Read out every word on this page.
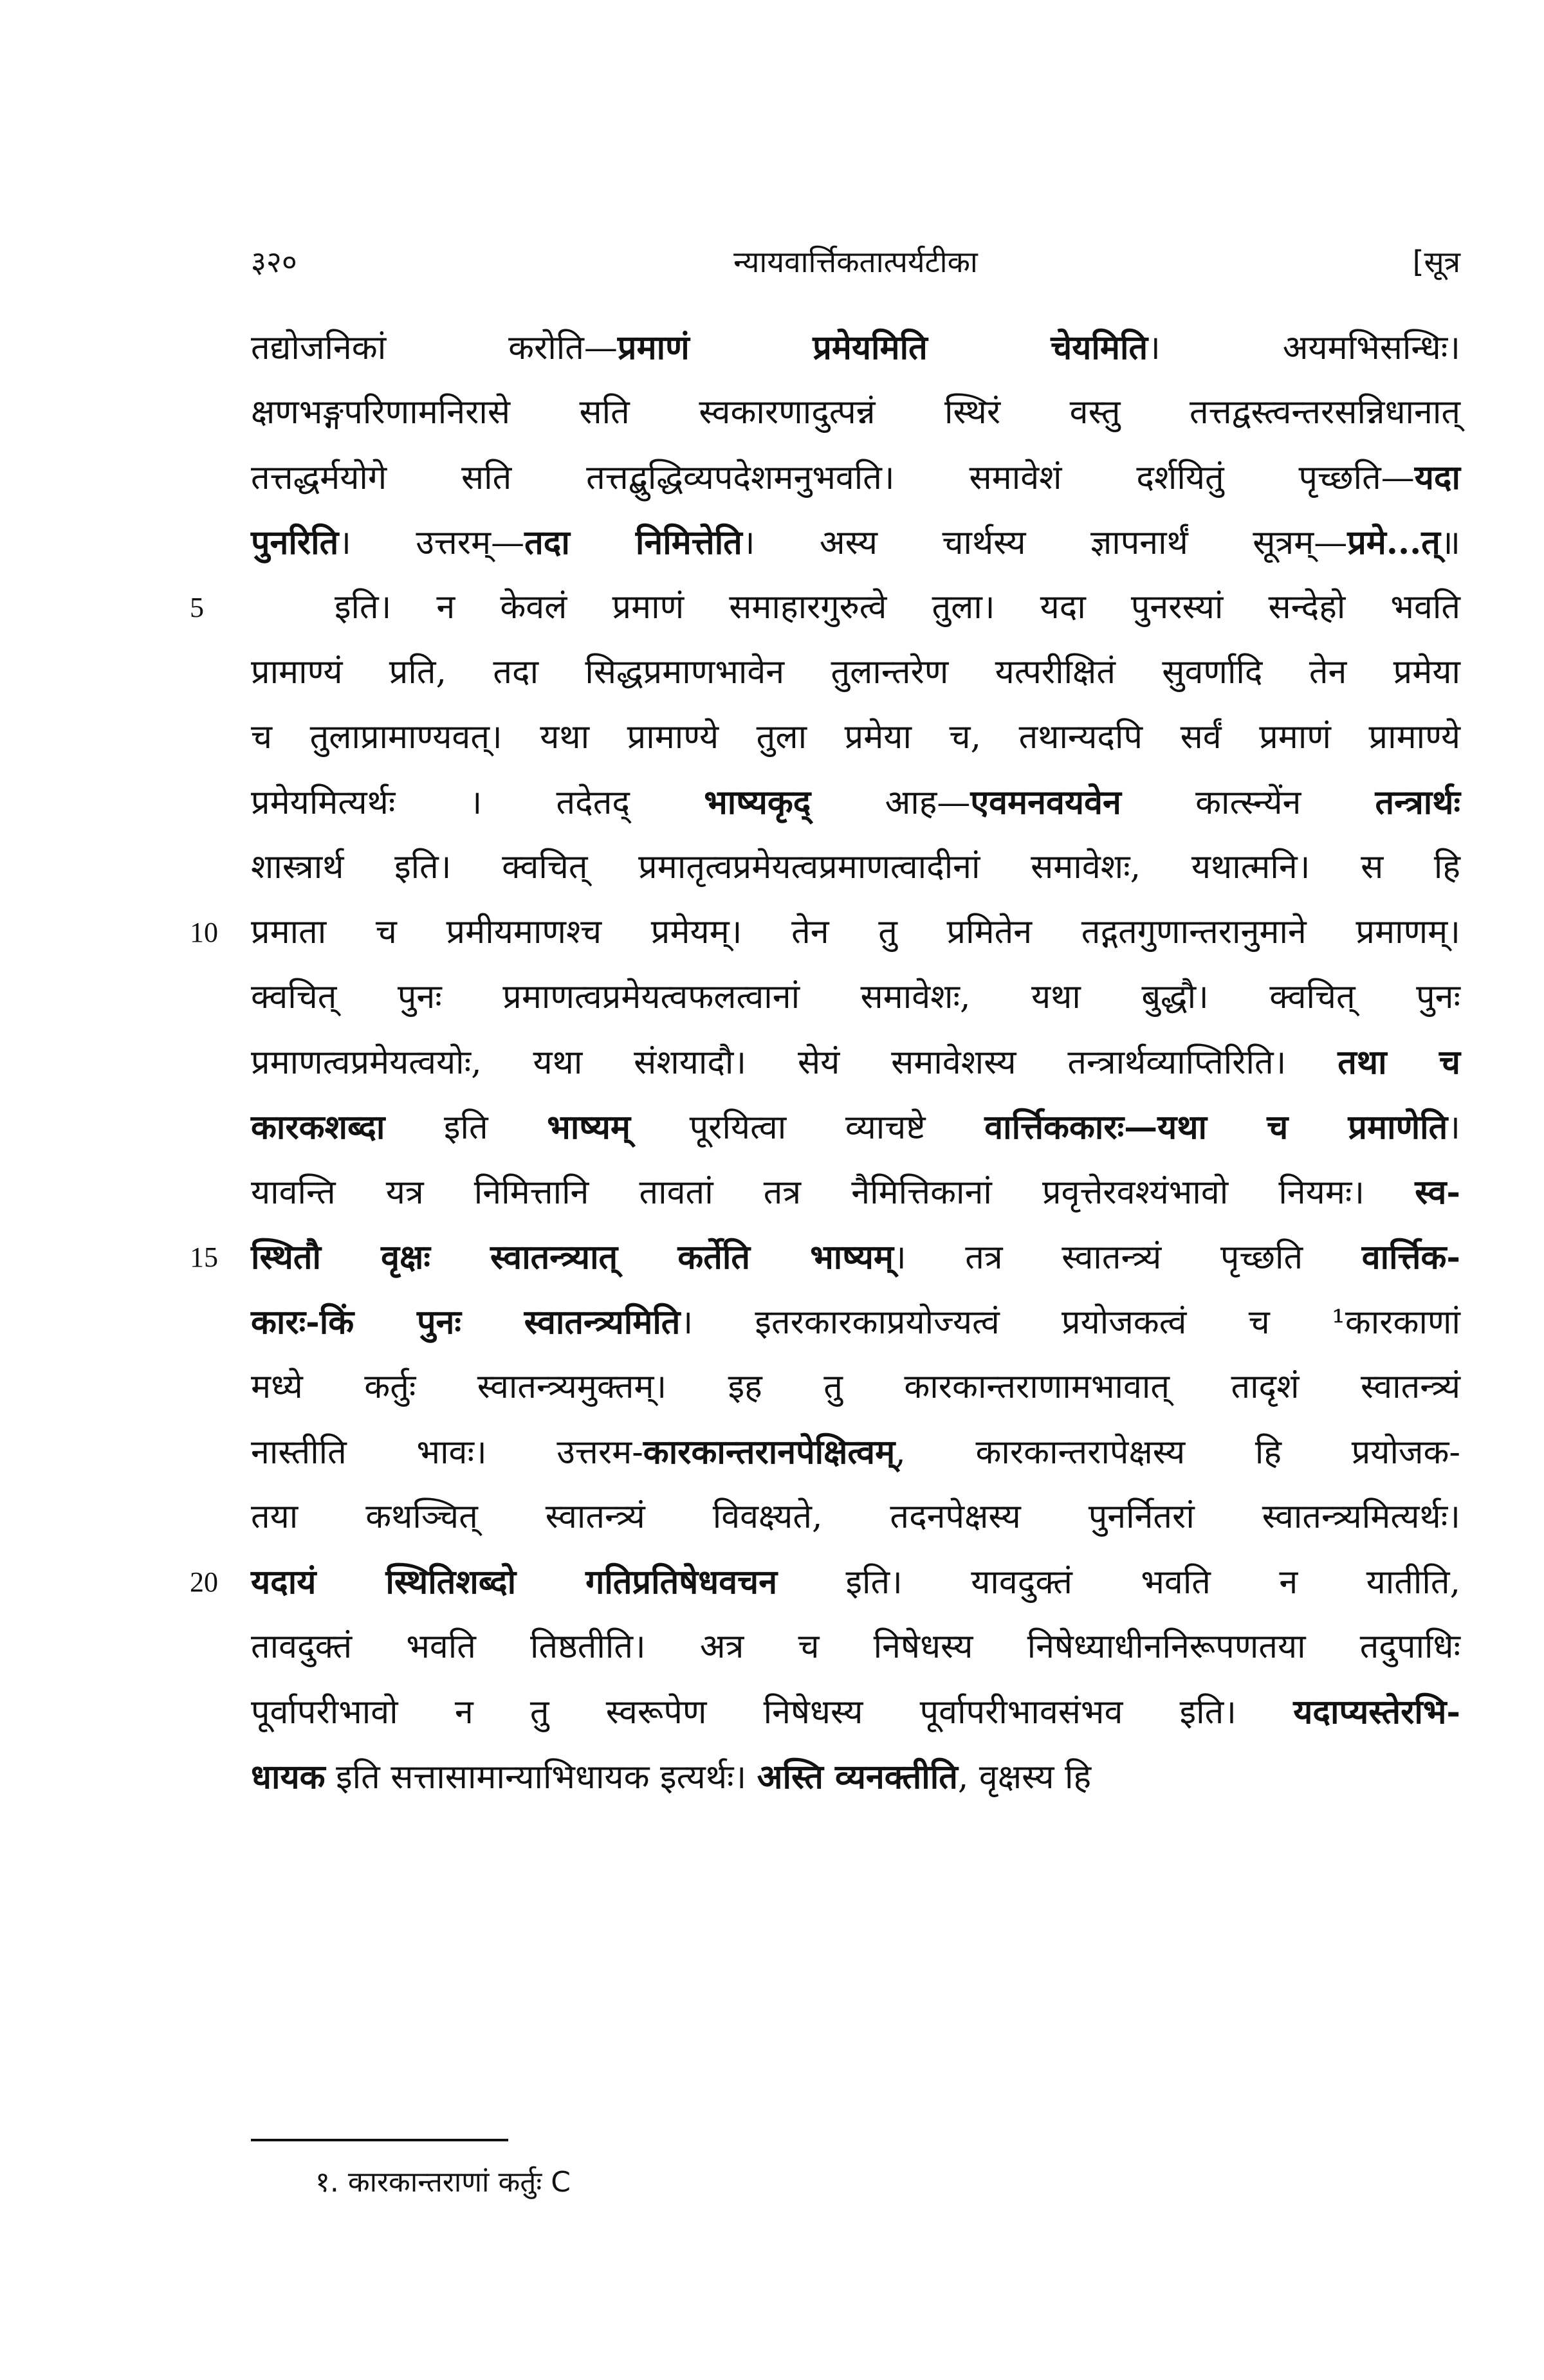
३२०	न्यायवार्त्तिकतात्पर्यटीका	[सूत्र
तद्योजनिकां करोति—प्रमाणं प्रमेयमिति चेयमिति। अयमभिसन्धिः।
क्षणभङ्गपरिणामनिरासे सति स्वकारणादुत्पन्नं स्थिरं वस्तु तत्तद्वस्त्वन्तरसन्निधानात्
तत्तद्धर्मयोगे सति तत्तद्बुद्धिव्यपदेशमनुभवति। समावेशं दर्शयितुं पृच्छति—यदा
पुनरिति। उत्तरम्—तदा निमित्तेति। अस्य चार्थस्य ज्ञापनार्थं सूत्रम्—प्रमे...त्॥
5	इति। न केवलं प्रमाणं समाहारगुरुत्वे तुला। यदा पुनरस्यां सन्देहो भवति
प्रामाण्यं प्रति, तदा सिद्धप्रमाणभावेन तुलान्तरेण यत्परीक्षितं सुवर्णादि तेन प्रमेया
च तुलाप्रामाण्यवत्। यथा प्रामाण्ये तुला प्रमेया च, तथान्यदपि सर्वं प्रमाणं प्रामाण्ये
प्रमेयमित्यर्थः । तदेतद् भाष्यकृद् आह—एवमनवयवेन कात्स्न्येंन तन्त्रार्थः
शास्त्रार्थ इति। क्वचित् प्रमातृत्वप्रमेयत्वप्रमाणत्वादीनां समावेशः, यथात्मनि। स हि
10 प्रमाता च प्रमीयमाणश्च प्रमेयम्। तेन तु प्रमितेन तद्गतगुणान्तरानुमाने प्रमाणम्।
क्वचित् पुनः प्रमाणत्वप्रमेयत्वफलत्वानां समावेशः, यथा बुद्धौ। क्वचित् पुनः
प्रमाणत्वप्रमेयत्वयोः, यथा संशयादौ। सेयं समावेशस्य तन्त्रार्थव्याप्तिरिति। तथा च
कारकशब्दा इति भाष्यम् पूरयित्वा व्याचष्टे वार्त्तिककारः—यथा च प्रमाणेति।
यावन्ति यत्र निमित्तानि तावतां तत्र नैमित्तिकानां प्रवृत्तेरवश्यंभावो नियमः। स्व-
15 स्थितौ वृक्षः स्वातन्त्र्यात् कर्तेति भाष्यम्। तत्र स्वातन्त्र्यं पृच्छति वार्त्तिक-
कारः-किं पुनः स्वातन्त्र्यमिति। इतरकारकाप्रयोज्यत्वं प्रयोजकत्वं च ¹कारकाणां
मध्ये कर्तुः स्वातन्त्र्यमुक्तम्। इह तु कारकान्तराणामभावात् तादृशं स्वातन्त्र्यं
नास्तीति भावः। उत्तरम-कारकान्तरानपेक्षित्वम्, कारकान्तरापेक्षस्य हि प्रयोजक-
तया कथञ्चित् स्वातन्त्र्यं विवक्ष्यते, तदनपेक्षस्य पुनर्नितरां स्वातन्त्र्यमित्यर्थः।
20 यदायं स्थितिशब्दो गतिप्रतिषेधवचन इति। यावदुक्तं भवति न यातीति,
तावदुक्तं भवति तिष्ठतीति। अत्र च निषेधस्य निषेध्याधीननिरूपणतया तदुपाधिः
पूर्वापरीभावो न तु स्वरूपेण निषेधस्य पूर्वापरीभावसंभव इति। यदाप्यस्तेरभि-
धायक इति सत्तासामान्याभिधायक इत्यर्थः। अस्ति व्यनक्तीति, वृक्षस्य हि
१. कारकान्तराणां कर्तुः C
